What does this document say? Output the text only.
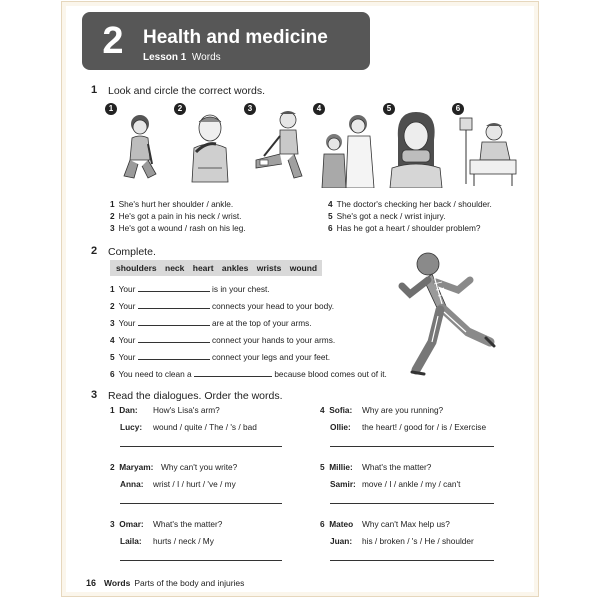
2	Health and medicine
Lesson 1 Words
1 Look and circle the correct words.
1	2	3	4	5	6
1 She's hurt her shoulder / ankle.
2 He's got a pain in his neck / wrist.
3 He's got a wound / rash on his leg.
4 The doctor's checking her back / shoulder.
5 She's got a neck / wrist injury.
6 Has he got a heart / shoulder problem?
2 Complete.
shoulders neck heart ankles wrists wound
1 Your	is in your chest.
2 Your	connects your head to your body.
3 Your	are at the top of your arms.
4 Your	connect your hands to your arms.
5 Your	connect your legs and your feet.
6 You need to clean a	because blood comes out of it.
3 Read the dialogues. Order the words.
1 Dan: How's Lisa's arm?
Lucy: wound / quite / The / 's / bad
2 Maryam: Why can't you write?
Anna: wrist / I / hurt / 've / my
3 Omar: What's the matter?
Laila: hurts / neck / My
4 Sofia: Why are you running?
Ollie: the heart! / good for / is / Exercise
5 Millie: What's the matter?
Samir: move / I / ankle / my / can't
6 Mateo Why can't Max help us?
Juan: his / broken / 's / He / shoulder
16 Words Parts of the body and injuries
